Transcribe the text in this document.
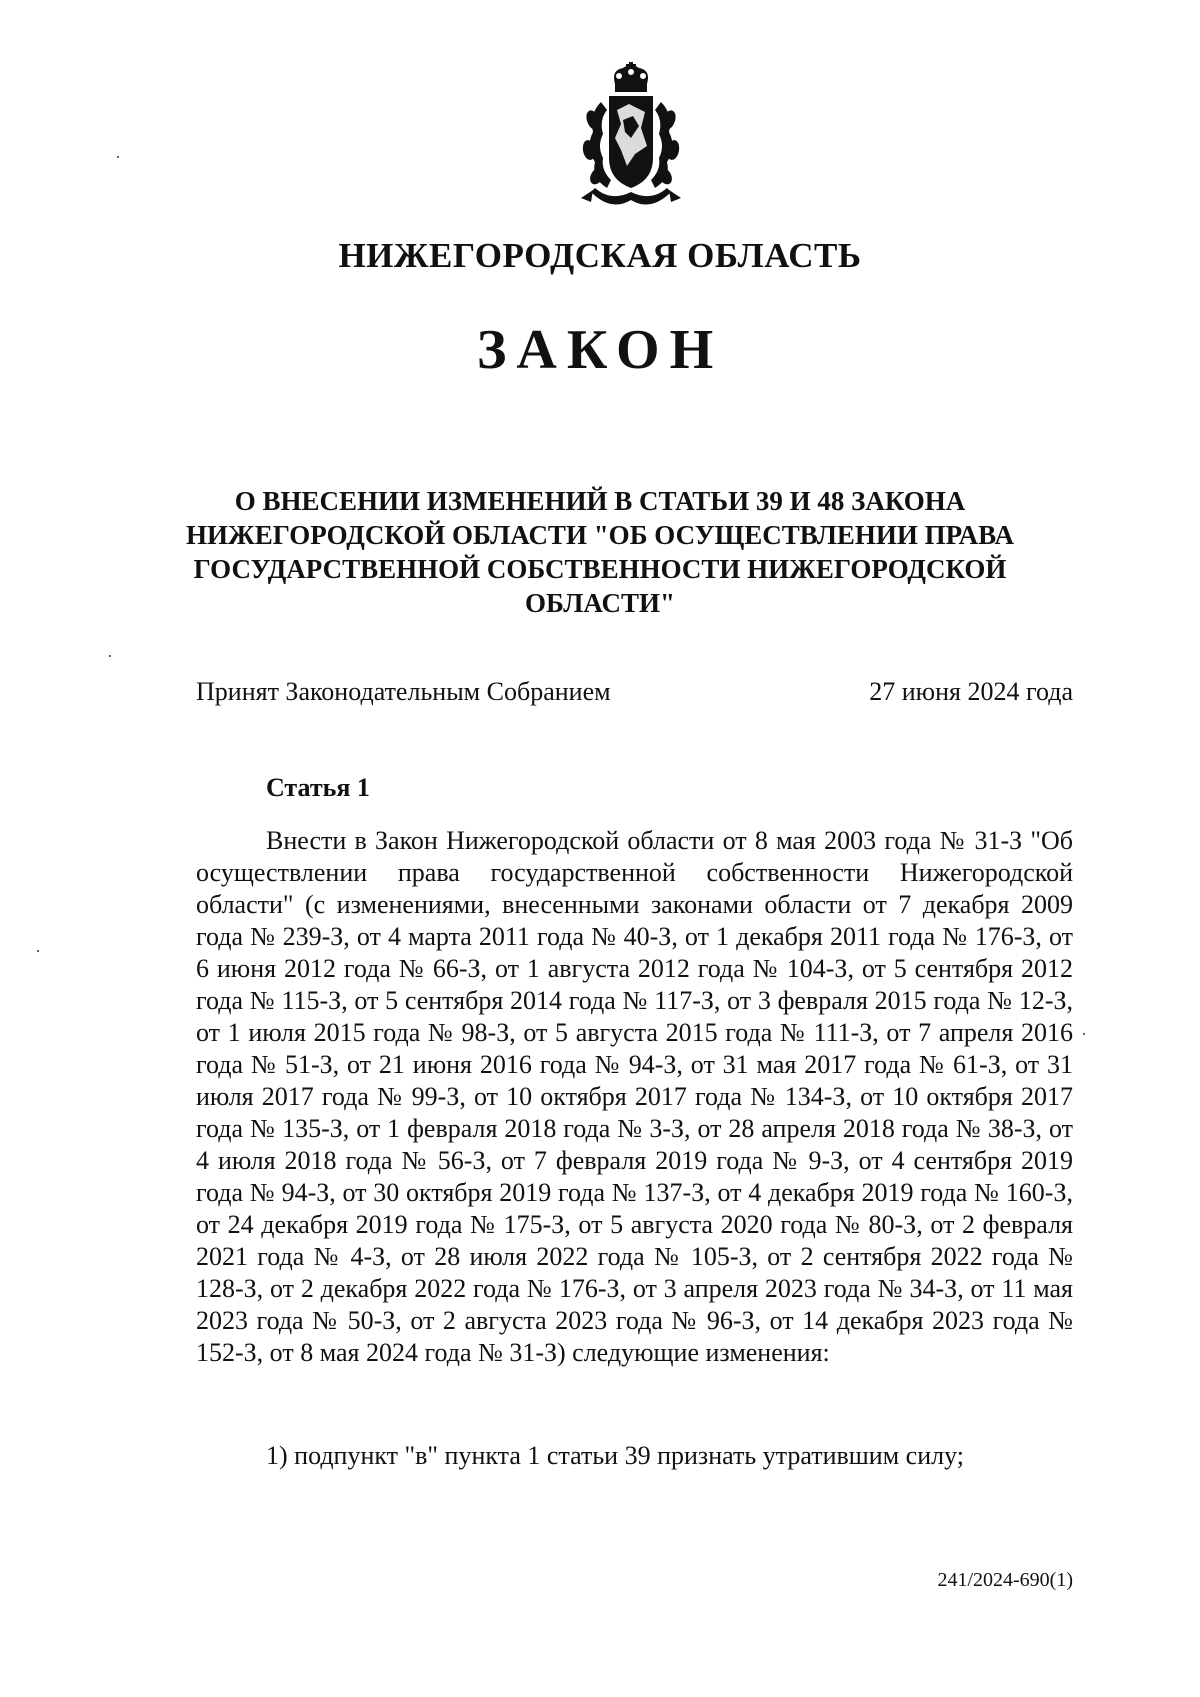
НИЖЕГОРОДСКАЯ ОБЛАСТЬ
ЗАКОН
О ВНЕСЕНИИ ИЗМЕНЕНИЙ В СТАТЬИ 39 И 48 ЗАКОНА НИЖЕГОРОДСКОЙ ОБЛАСТИ "ОБ ОСУЩЕСТВЛЕНИИ ПРАВА ГОСУДАРСТВЕННОЙ СОБСТВЕННОСТИ НИЖЕГОРОДСКОЙ ОБЛАСТИ"
Принят Законодательным Собранием	27 июня 2024 года
Статья 1
Внести в Закон Нижегородской области от 8 мая 2003 года № 31-З "Об осуществлении права государственной собственности Нижегородской области" (с изменениями, внесенными законами области от 7 декабря 2009 года № 239-З, от 4 марта 2011 года № 40-З, от 1 декабря 2011 года № 176-З, от 6 июня 2012 года № 66-З, от 1 августа 2012 года № 104-З, от 5 сентября 2012 года № 115-З, от 5 сентября 2014 года № 117-З, от 3 февраля 2015 года № 12-З, от 1 июля 2015 года № 98-З, от 5 августа 2015 года № 111-З, от 7 апреля 2016 года № 51-З, от 21 июня 2016 года № 94-З, от 31 мая 2017 года № 61-З, от 31 июля 2017 года № 99-З, от 10 октября 2017 года № 134-З, от 10 октября 2017 года № 135-З, от 1 февраля 2018 года № 3-З, от 28 апреля 2018 года № 38-З, от 4 июля 2018 года № 56-З, от 7 февраля 2019 года № 9-З, от 4 сентября 2019 года № 94-З, от 30 октября 2019 года № 137-З, от 4 декабря 2019 года № 160-З, от 24 декабря 2019 года № 175-З, от 5 августа 2020 года № 80-З, от 2 февраля 2021 года № 4-З, от 28 июля 2022 года № 105-З, от 2 сентября 2022 года № 128-З, от 2 декабря 2022 года № 176-З, от 3 апреля 2023 года № 34-З, от 11 мая 2023 года № 50-З, от 2 августа 2023 года № 96-З, от 14 декабря 2023 года № 152-З, от 8 мая 2024 года № 31-З) следующие изменения:
1) подпункт "в" пункта 1 статьи 39 признать утратившим силу;
241/2024-690(1)
